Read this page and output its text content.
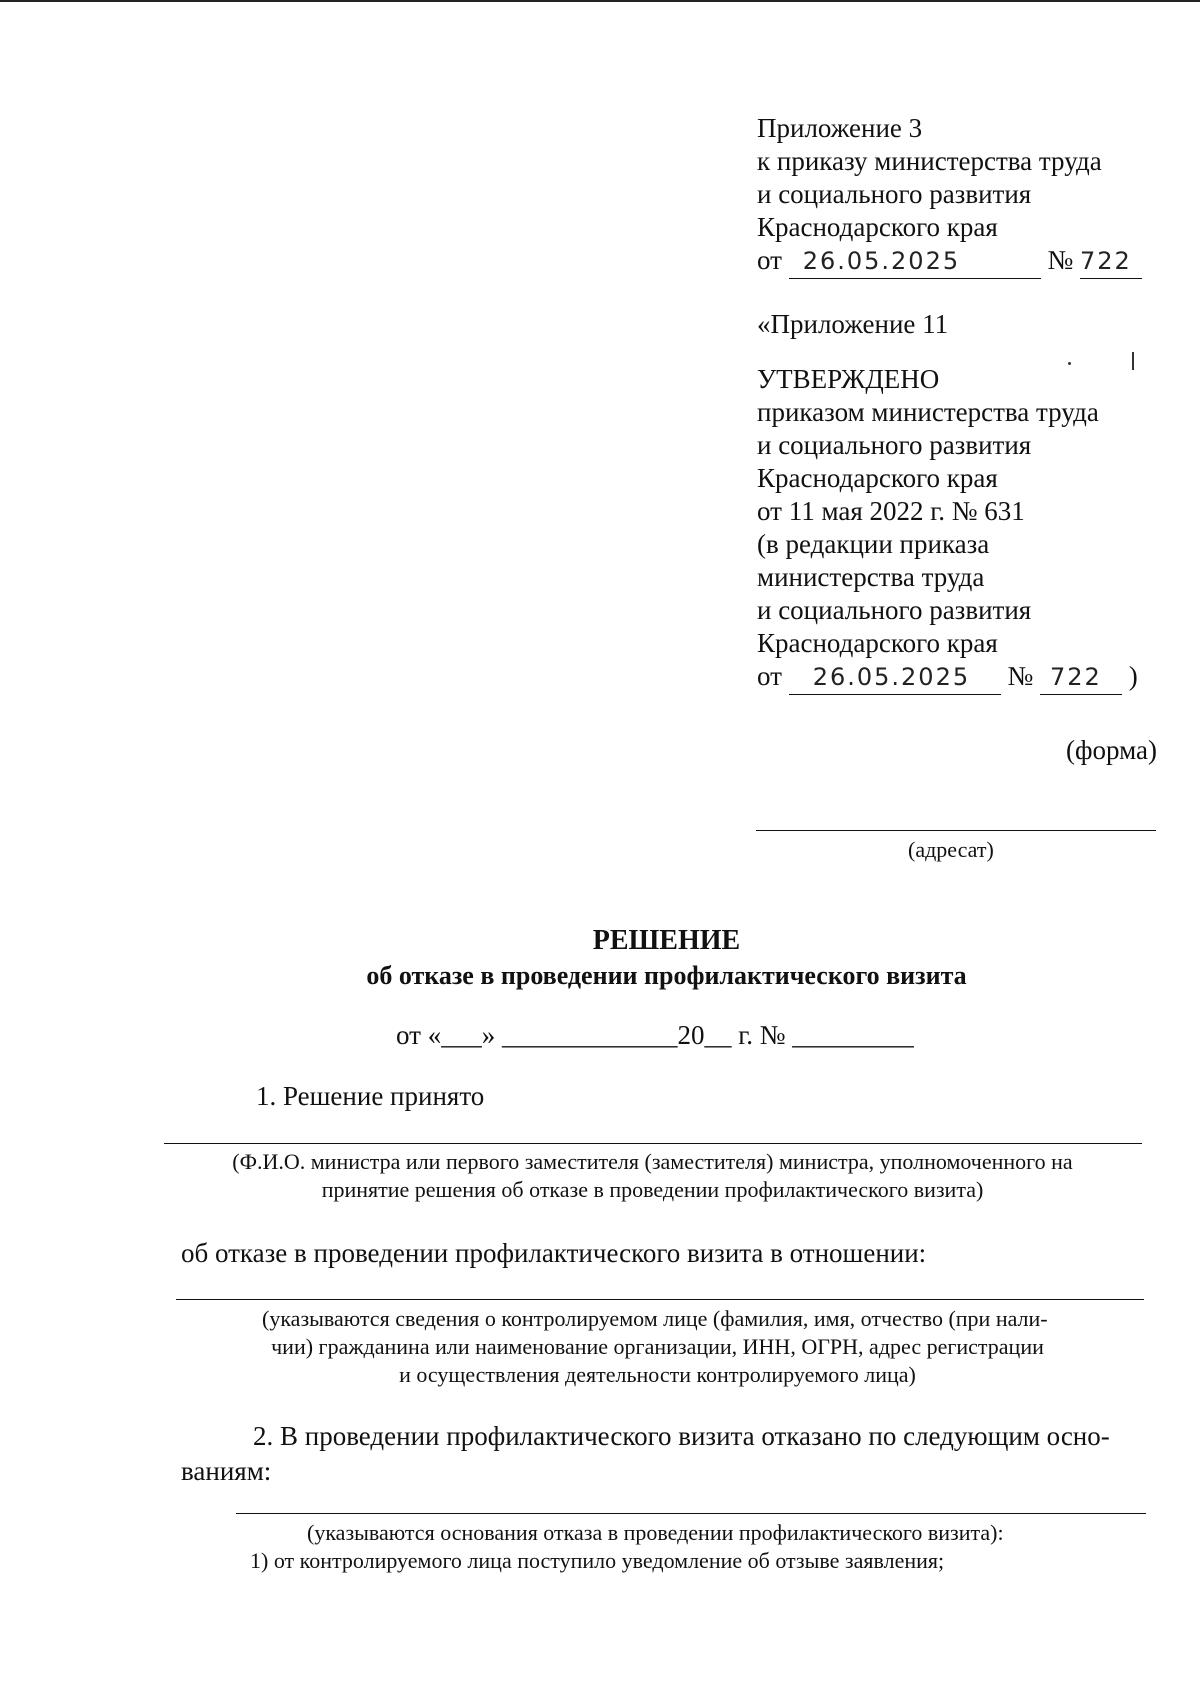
Приложение 3
к приказу министерства труда
и социального развития
Краснодарского края
от 26.05.2025	№ 722
«Приложение 11
УТВЕРЖДЕНО
приказом министерства труда
и социального развития
Краснодарского края
от 11 мая 2022 г. № 631
(в редакции приказа
министерства труда
и социального развития
Краснодарского края
от 26.05.2025 № 722 )
(форма)
(адресат)
РЕШЕНИЕ
об отказе в проведении профилактического визита
от «___» _____________20__ г. № _________
1. Решение принято
(Ф.И.О. министра или первого заместителя (заместителя) министра, уполномоченного на
принятие решения об отказе в проведении профилактического визита)
об отказе в проведении профилактического визита в отношении:
(указываются сведения о контролируемом лице (фамилия, имя, отчество (при нали-
чии) гражданина или наименование организации, ИНН, ОГРН, адрес регистрации
и осуществления деятельности контролируемого лица)
2. В проведении профилактического визита отказано по следующим осно-
ваниям:
(указываются основания отказа в проведении профилактического визита):
1) от контролируемого лица поступило уведомление об отзыве заявления;
